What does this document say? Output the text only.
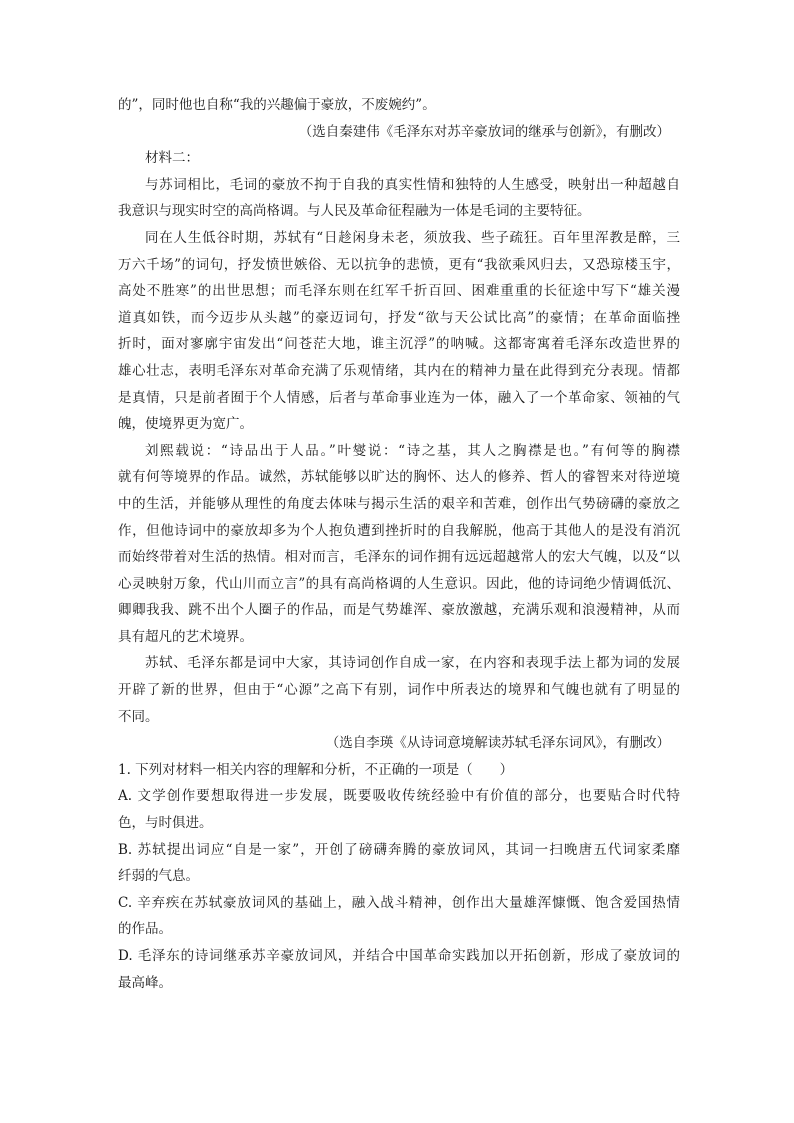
的”，同时他也自称“我的兴趣偏于豪放，不废婉约”。
（选自秦建伟《毛泽东对苏辛豪放词的继承与创新》，有删改）
材料二：
与苏词相比，毛词的豪放不拘于自我的真实性情和独特的人生感受，映射出一种超越自
我意识与现实时空的高尚格调。与人民及革命征程融为一体是毛词的主要特征。
同在人生低谷时期，苏轼有“日趁闲身未老，须放我、些子疏狂。百年里浑教是醉，三
万六千场”的词句，抒发愤世嫉俗、无以抗争的悲愤，更有“我欲乘风归去，又恐琼楼玉宇，
高处不胜寒”的出世思想；而毛泽东则在红军千折百回、困难重重的长征途中写下“雄关漫
道真如铁，而今迈步从头越”的豪迈词句，抒发“欲与天公试比高”的豪情；在革命面临挫
折时，面对寥廓宇宙发出“问苍茫大地，谁主沉浮”的呐喊。这都寄寓着毛泽东改造世界的
雄心壮志，表明毛泽东对革命充满了乐观情绪，其内在的精神力量在此得到充分表现。情都
是真情，只是前者囿于个人情感，后者与革命事业连为一体，融入了一个革命家、领袖的气
魄，使境界更为宽广。
刘熙载说：“诗品出于人品。”叶燮说：“诗之基，其人之胸襟是也。”有何等的胸襟
就有何等境界的作品。诚然，苏轼能够以旷达的胸怀、达人的修养、哲人的睿智来对待逆境
中的生活，并能够从理性的角度去体味与揭示生活的艰辛和苦难，创作出气势磅礴的豪放之
作，但他诗词中的豪放却多为个人抱负遭到挫折时的自我解脱，他高于其他人的是没有消沉
而始终带着对生活的热情。相对而言，毛泽东的词作拥有远远超越常人的宏大气魄，以及“以
心灵映射万象，代山川而立言”的具有高尚格调的人生意识。因此，他的诗词绝少情调低沉、
卿卿我我、跳不出个人圈子的作品，而是气势雄浑、豪放激越，充满乐观和浪漫精神，从而
具有超凡的艺术境界。
苏轼、毛泽东都是词中大家，其诗词创作自成一家，在内容和表现手法上都为词的发展
开辟了新的世界，但由于“心源”之高下有别，词作中所表达的境界和气魄也就有了明显的
不同。
（选自李瑛《从诗词意境解读苏轼毛泽东词风》，有删改）
1. 下列对材料一相关内容的理解和分析，不正确的一项是（　　）
A. 文学创作要想取得进一步发展，既要吸收传统经验中有价值的部分，也要贴合时代特
色，与时俱进。
B. 苏轼提出词应“自是一家”，开创了磅礴奔腾的豪放词风，其词一扫晚唐五代词家柔靡
纤弱的气息。
C. 辛弃疾在苏轼豪放词风的基础上，融入战斗精神，创作出大量雄浑慷慨、饱含爱国热情
的作品。
D. 毛泽东的诗词继承苏辛豪放词风，并结合中国革命实践加以开拓创新，形成了豪放词的
最高峰。
